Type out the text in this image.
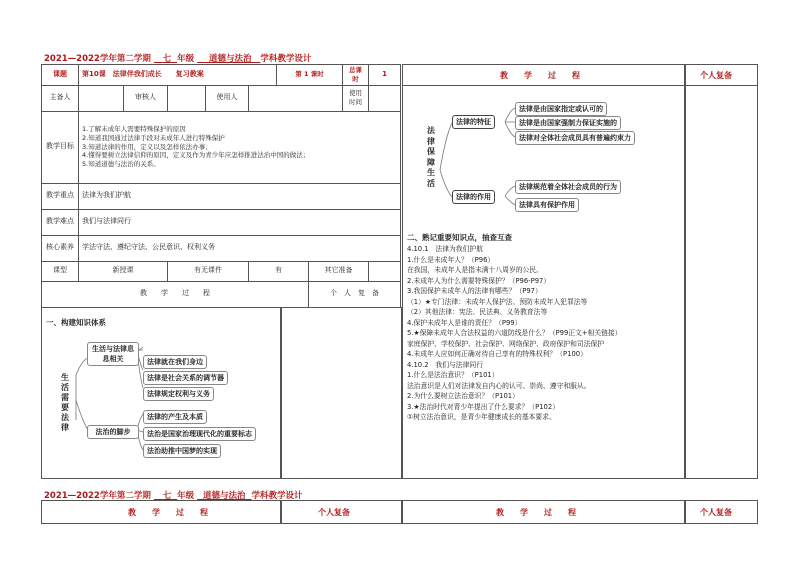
2021—2022学年第二学期 七 年级 道德与法治 学科教学设计
课题	第10课　法律伴我们成长　　复习教案					第 1 课时		总课时	1
主备人		审核人		使用人				使用时间	
教学目标	1.了解未成年人需要特殊保护的原因
2.知道我国通过法律手段对未成年人进行特殊保护
3.知道法律的作用，定义以及怎样依法办事；
4.懂得要树立法律信仰的原因，定义及作为青少年应怎样推进法治中国的做法；
5.知道道德与法治的关系。								

教学重点	法律为我们护航								
教学难点	我们与法律同行								
核心素养	学法守法、遵纪守法、公民意识、权利义务								
课型	新授课		有无课件		有		其它准备		
教　　学　　过　　程							个　人　复　备		
一、构建知识体系
生活需要法律
生活与法律息息相关
法治的脚步
法律就在我们身边
法律是社会关系的调节器
法律规定权利与义务
法律的产生及本质
法治是国家治理现代化的重要标志
法治助推中国梦的实现
教　　学　　过　　程	个人复备
法律保障生活
法律的特征
法律的作用
法律是由国家指定或认可的
法律是由国家强制力保证实施的
法律对全体社会成员具有普遍约束力
法律规范着全体社会成员的行为
法律具有保护作用
二、熟记重要知识点，抽查互查
4.10.1　法律为我们护航
1.什么是未成年人？（P96）
在我国，未成年人是指未满十八周岁的公民。
2.未成年人为什么需要特殊保护？（P96-P97）
3.我国保护未成年人的法律有哪些？（P97）
（1）★专门法律：未成年人保护法、预防未成年人犯罪法等
（2）其他法律：宪法、民法典、义务教育法等
4.保护未成年人是谁的责任？（P99）
5.★保障未成年人合法权益的六道防线是什么？（P99正文+相关链接）
家庭保护、学校保护、社会保护、网络保护、政府保护和司法保护
4.未成年人应如何正确对待自己享有的特殊权利？（P100）
4.10.2　我们与法律同行
1.什么是法治意识？（P101）
法治意识是人们对法律发自内心的认可、崇尚、遵守和服从。
2.为什么要树立法治意识？（P101）
3.★法治时代对青少年提出了什么要求？（P102）
①树立法治意识，是青少年健康成长的基本要求。
2021—2022学年第二学期 七 年级 道德与法治 学科教学设计
教　　学　　过　　程	个人复备	教　　学　　过　　程	个人复备
